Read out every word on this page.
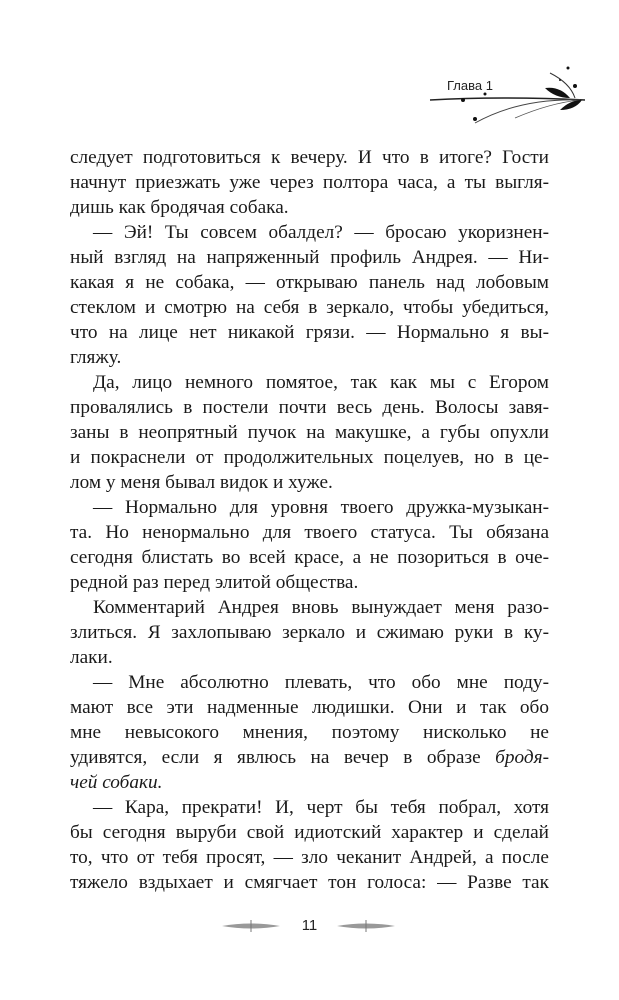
Глава 1
следует подготовиться к вечеру. И что в итоге? Гости
начнут приезжать уже через полтора часа, а ты выгля-
дишь как бродячая собака.
— Эй! Ты совсем обалдел? — бросаю укоризнен-
ный взгляд на напряженный профиль Андрея. — Ни-
какая я не собака, — открываю панель над лобовым
стеклом и смотрю на себя в зеркало, чтобы убедиться,
что на лице нет никакой грязи. — Нормально я вы-
гляжу.
Да, лицо немного помятое, так как мы с Егором
провалялись в постели почти весь день. Волосы завя-
заны в неопрятный пучок на макушке, а губы опухли
и покраснели от продолжительных поцелуев, но в це-
лом у меня бывал видок и хуже.
— Нормально для уровня твоего дружка-музыкан-
та. Но ненормально для твоего статуса. Ты обязана
сегодня блистать во всей красе, а не позориться в оче-
редной раз перед элитой общества.
Комментарий Андрея вновь вынуждает меня разо-
злиться. Я захлопываю зеркало и сжимаю руки в ку-
лаки.
— Мне абсолютно плевать, что обо мне поду-
мают все эти надменные людишки. Они и так обо
мне невысокого мнения, поэтому нисколько не
удивятся, если я явлюсь на вечер в образе бродя-
чей собаки.
— Кара, прекрати! И, черт бы тебя побрал, хотя
бы сегодня выруби свой идиотский характер и сделай
то, что от тебя просят, — зло чеканит Андрей, а после
тяжело вздыхает и смягчает тон голоса: — Разве так
11
